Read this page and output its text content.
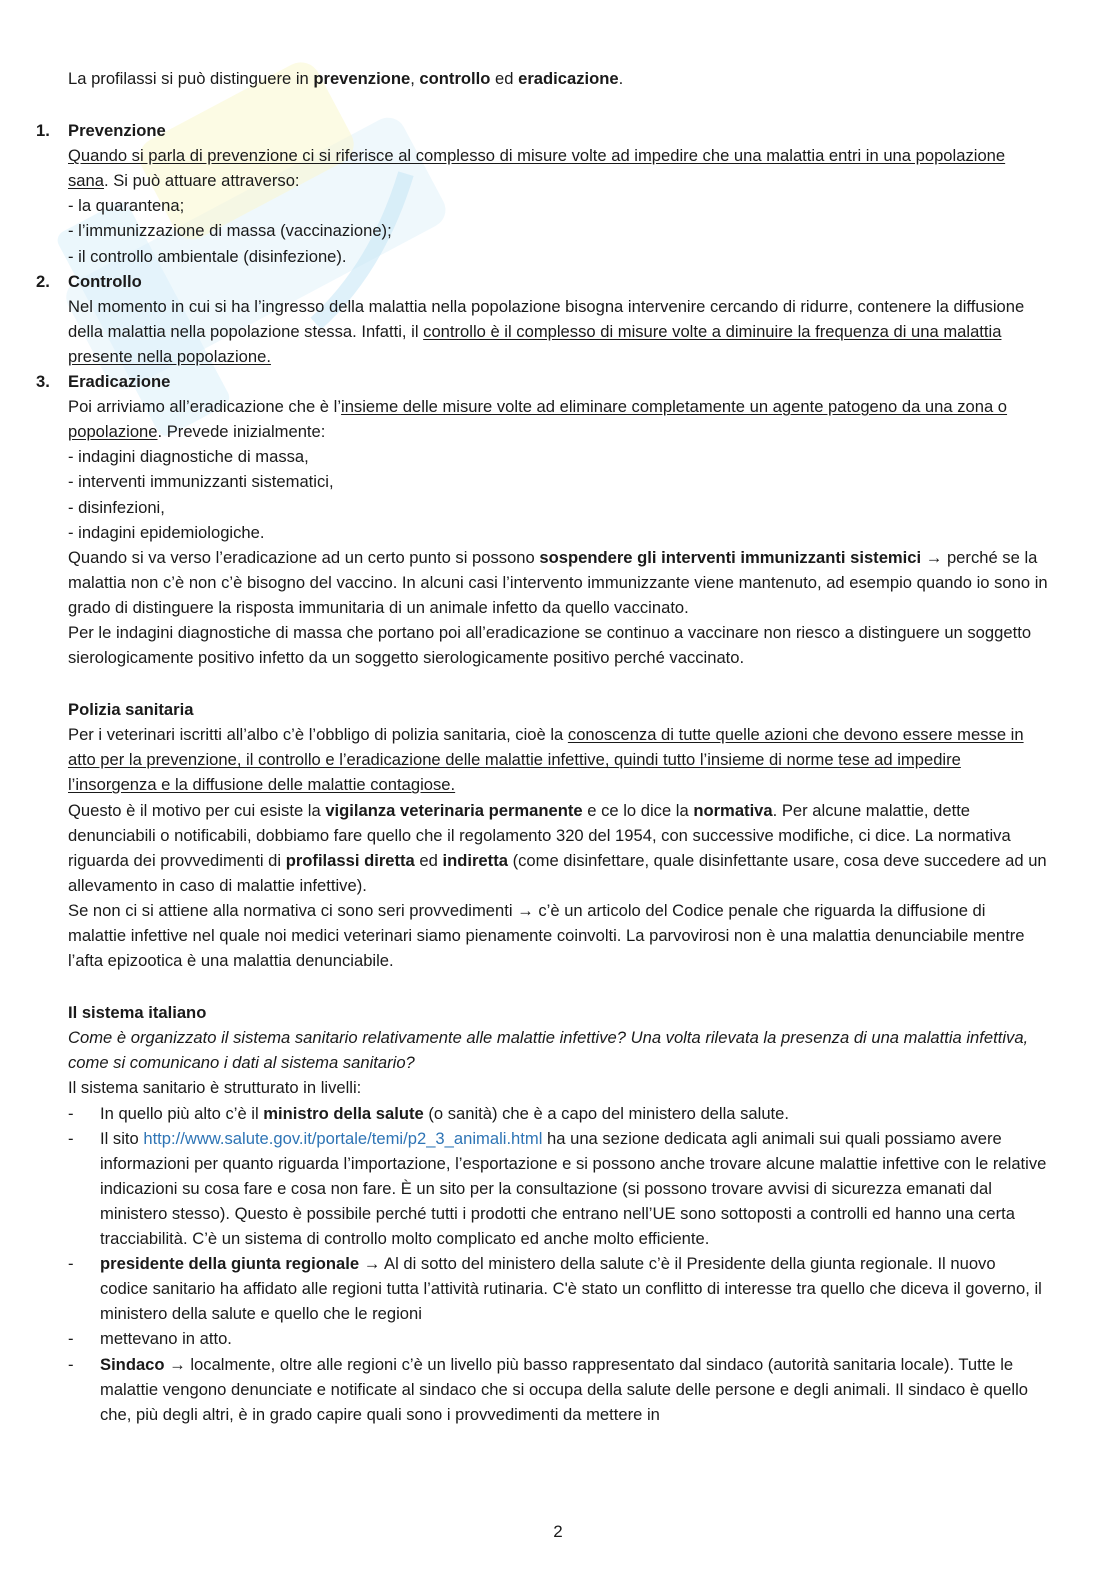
La profilassi si può distinguere in prevenzione, controllo ed eradicazione.

1.	Prevenzione

Quando si parla di prevenzione ci si riferisce al complesso di misure volte ad impedire che una malattia entri in una popolazione sana. Si può attuare attraverso:

- la quarantena;

- l’immunizzazione di massa (vaccinazione);

- il controllo ambientale (disinfezione).

2.	Controllo

Nel momento in cui si ha l’ingresso della malattia nella popolazione bisogna intervenire cercando di ridurre, contenere la diffusione della malattia nella popolazione stessa. Infatti, il controllo è il complesso di misure volte a diminuire la frequenza di una malattia presente nella popolazione.

3.	Eradicazione

Poi arriviamo all’eradicazione che è l’insieme delle misure volte ad eliminare completamente un agente patogeno da una zona o popolazione. Prevede inizialmente:

- indagini diagnostiche di massa,

- interventi immunizzanti sistematici,

- disinfezioni,

- indagini epidemiologiche.

Quando si va verso l’eradicazione ad un certo punto si possono sospendere gli interventi immunizzanti sistemici → perché se la malattia non c’è non c’è bisogno del vaccino. In alcuni casi l’intervento immunizzante viene mantenuto, ad esempio quando io sono in grado di distinguere la risposta immunitaria di un animale infetto da quello vaccinato.

Per le indagini diagnostiche di massa che portano poi all’eradicazione se continuo a vaccinare non riesco a distinguere un soggetto sierologicamente positivo infetto da un soggetto sierologicamente positivo perché vaccinato.

Polizia sanitaria

Per i veterinari iscritti all’albo c’è l’obbligo di polizia sanitaria, cioè la conoscenza di tutte quelle azioni che devono essere messe in atto per la prevenzione, il controllo e l’eradicazione delle malattie infettive, quindi tutto l’insieme di norme tese ad impedire l’insorgenza e la diffusione delle malattie contagiose.

Questo è il motivo per cui esiste la vigilanza veterinaria permanente e ce lo dice la normativa. Per alcune malattie, dette denunciabili o notificabili, dobbiamo fare quello che il regolamento 320 del 1954, con successive modifiche, ci dice. La normativa riguarda dei provvedimenti di profilassi diretta ed indiretta (come disinfettare, quale disinfettante usare, cosa deve succedere ad un allevamento in caso di malattie infettive).

Se non ci si attiene alla normativa ci sono seri provvedimenti → c’è un articolo del Codice penale che riguarda la diffusione di malattie infettive nel quale noi medici veterinari siamo pienamente coinvolti. La parvovirosi non è una malattia denunciabile mentre l’afta epizootica è una malattia denunciabile.

Il sistema italiano

Come è organizzato il sistema sanitario relativamente alle malattie infettive? Una volta rilevata la presenza di una malattia infettiva, come si comunicano i dati al sistema sanitario?

Il sistema sanitario è strutturato in livelli:

-	In quello più alto c’è il ministro della salute (o sanità) che è a capo del ministero della salute.
-	Il sito http://www.salute.gov.it/portale/temi/p2_3_animali.html ha una sezione dedicata agli animali sui quali possiamo avere informazioni per quanto riguarda l’importazione, l’esportazione e si possono anche trovare alcune malattie infettive con le relative indicazioni su cosa fare e cosa non fare. È un sito per la consultazione (si possono trovare avvisi di sicurezza emanati dal ministero stesso). Questo è possibile perché tutti i prodotti che entrano nell’UE sono sottoposti a controlli ed hanno una certa tracciabilità. C’è un sistema di controllo molto complicato ed anche molto efficiente.
-	presidente della giunta regionale → Al di sotto del ministero della salute c’è il Presidente della giunta regionale. Il nuovo codice sanitario ha affidato alle regioni tutta l’attività rutinaria. C'è stato un conflitto di interesse tra quello che diceva il governo, il ministero della salute e quello che le regioni
-	mettevano in atto.
-	Sindaco → localmente, oltre alle regioni c’è un livello più basso rappresentato dal sindaco (autorità sanitaria locale). Tutte le malattie vengono denunciate e notificate al sindaco che si occupa della salute delle persone e degli animali. Il sindaco è quello che, più degli altri, è in grado capire quali sono i provvedimenti da mettere in
2
